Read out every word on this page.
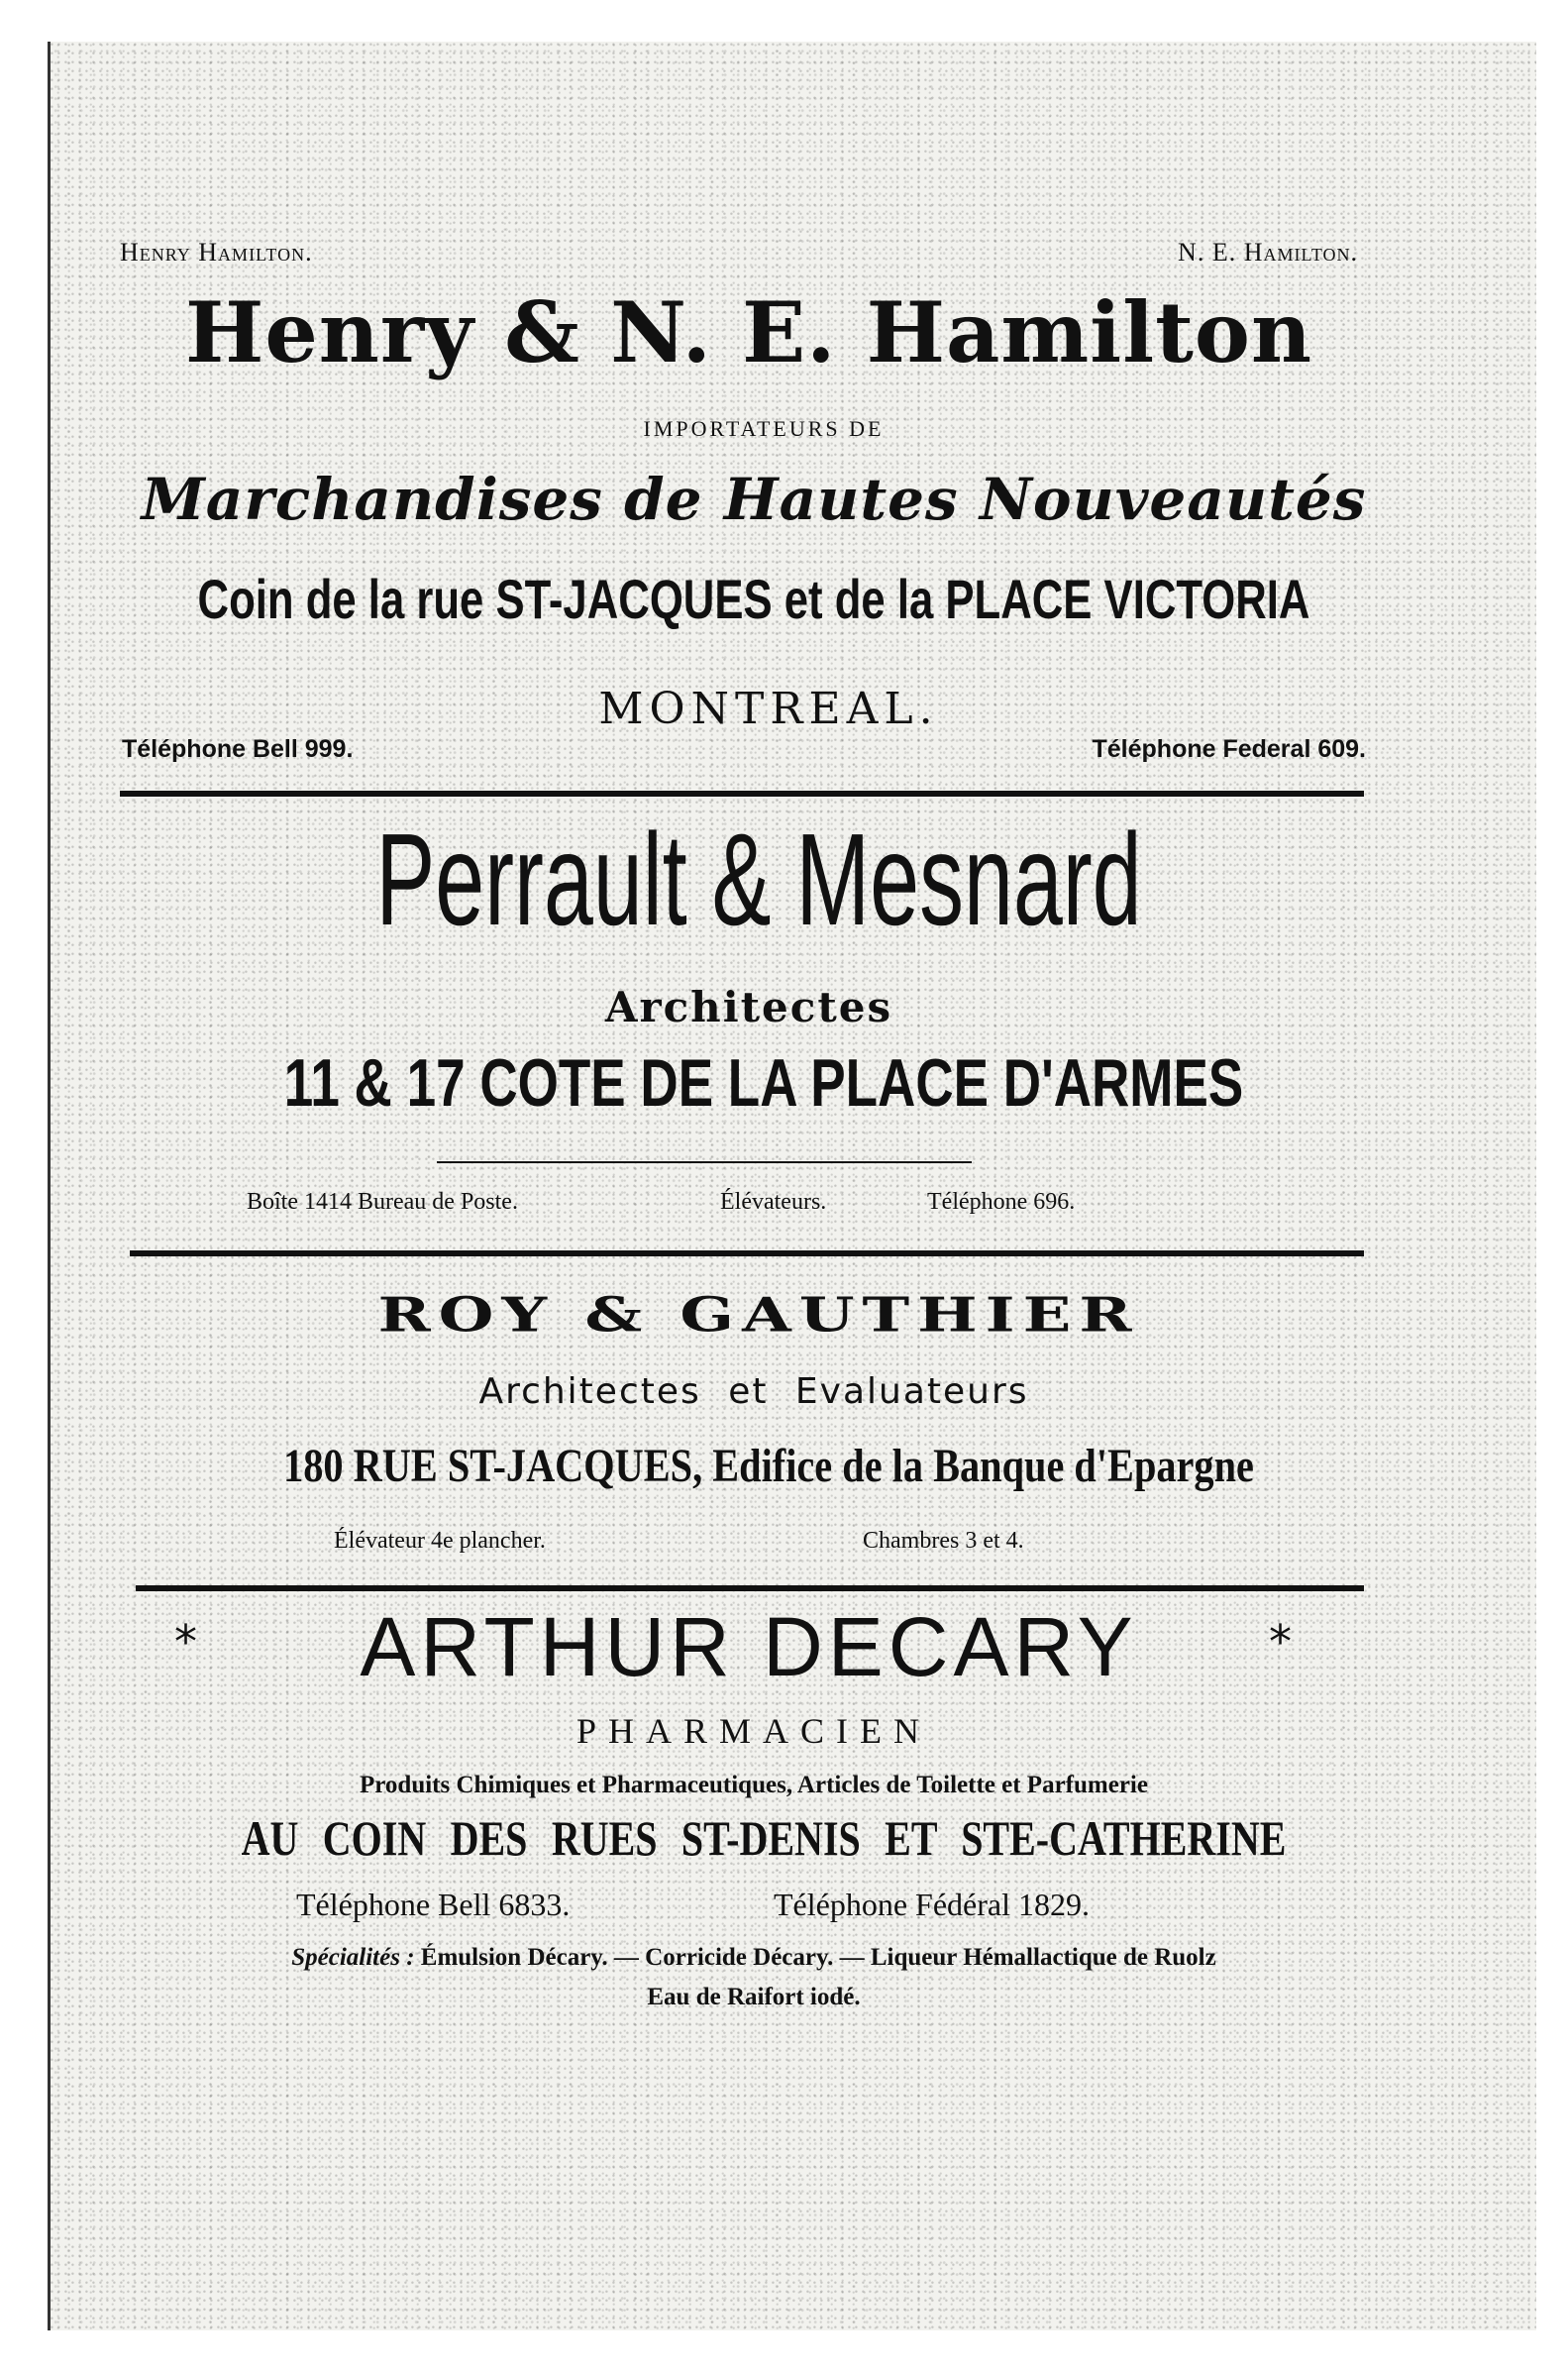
Henry Hamilton.	N. E. Hamilton.
Henry & N. E. Hamilton
IMPORTATEURS DE
Marchandises de Hautes Nouveautés
Coin de la rue ST-JACQUES et de la PLACE VICTORIA
MONTREAL.
Téléphone Bell 999.	Téléphone Federal 609.
Perrault & Mesnard
Architectes
11 & 17 COTE DE LA PLACE D'ARMES
Boîte 1414 Bureau de Poste.	Élévateurs.	Téléphone 696.
ROY & GAUTHIER
Architectes et Evaluateurs
180 RUE ST-JACQUES, Edifice de la Banque d'Epargne
Élévateur 4e plancher.	Chambres 3 et 4.
*	ARTHUR DECARY	*
PHARMACIEN
Produits Chimiques et Pharmaceutiques, Articles de Toilette et Parfumerie
AU COIN DES RUES ST-DENIS ET STE-CATHERINE
Téléphone Bell 6833.	Téléphone Fédéral 1829.
Spécialités : Émulsion Décary. — Corricide Décary. — Liqueur Hémallactique de Ruolz
Eau de Raifort iodé.
